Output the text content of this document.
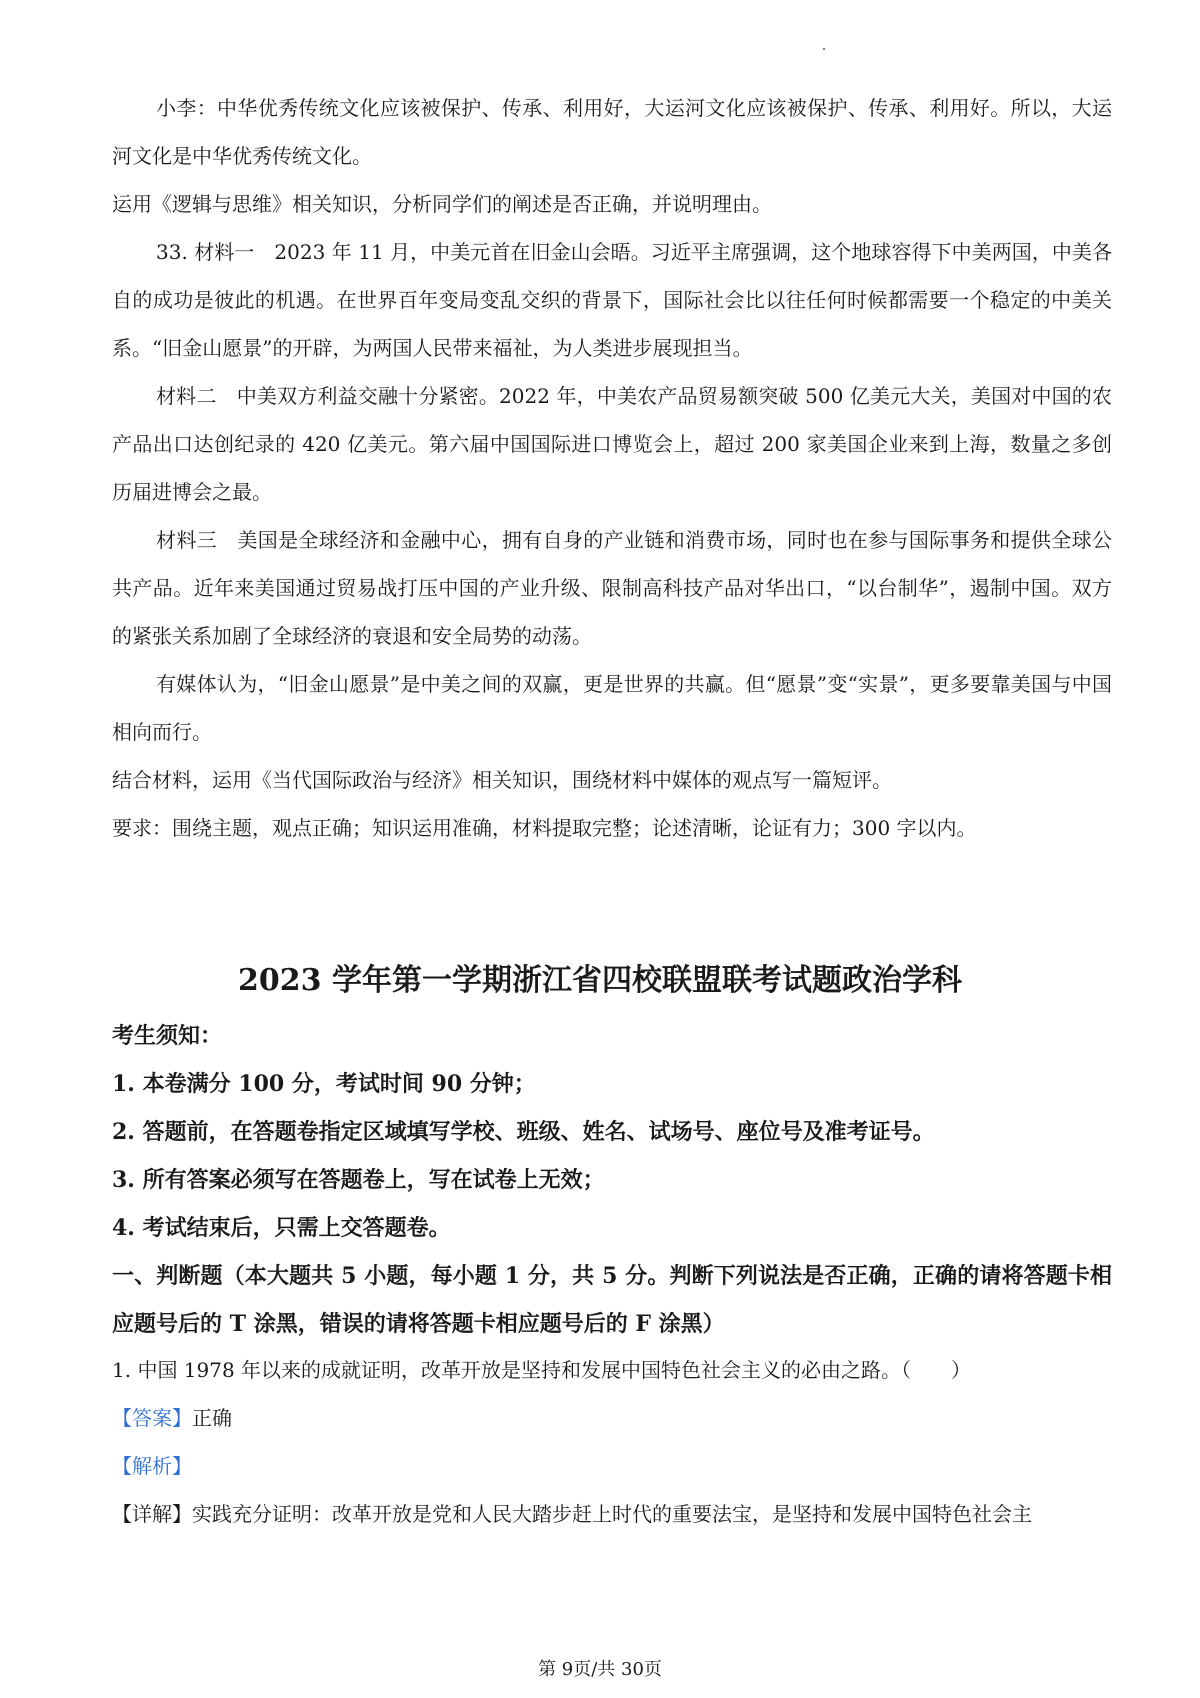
小李：中华优秀传统文化应该被保护、传承、利用好，大运河文化应该被保护、传承、利用好。所以，大运河文化是中华优秀传统文化。

运用《逻辑与思维》相关知识，分析同学们的阐述是否正确，并说明理由。

33. 材料一　2023 年 11 月，中美元首在旧金山会晤。习近平主席强调，这个地球容得下中美两国，中美各自的成功是彼此的机遇。在世界百年变局变乱交织的背景下，国际社会比以往任何时候都需要一个稳定的中美关系。“旧金山愿景”的开辟，为两国人民带来福祉，为人类进步展现担当。

材料二　中美双方利益交融十分紧密。2022 年，中美农产品贸易额突破 500 亿美元大关，美国对中国的农产品出口达创纪录的 420 亿美元。第六届中国国际进口博览会上，超过 200 家美国企业来到上海，数量之多创历届进博会之最。

材料三　美国是全球经济和金融中心，拥有自身的产业链和消费市场，同时也在参与国际事务和提供全球公共产品。近年来美国通过贸易战打压中国的产业升级、限制高科技产品对华出口，“以台制华”，遏制中国。双方的紧张关系加剧了全球经济的衰退和安全局势的动荡。

有媒体认为，“旧金山愿景”是中美之间的双赢，更是世界的共赢。但“愿景”变“实景”，更多要靠美国与中国相向而行。

结合材料，运用《当代国际政治与经济》相关知识，围绕材料中媒体的观点写一篇短评。

要求：围绕主题，观点正确；知识运用准确，材料提取完整；论述清晰，论证有力；300 字以内。

2023 学年第一学期浙江省四校联盟联考试题政治学科

考生须知：

1. 本卷满分 100 分，考试时间 90 分钟；

2. 答题前，在答题卷指定区域填写学校、班级、姓名、试场号、座位号及准考证号。

3. 所有答案必须写在答题卷上，写在试卷上无效；

4. 考试结束后，只需上交答题卷。

一、判断题（本大题共 5 小题，每小题 1 分，共 5 分。判断下列说法是否正确，正确的请将答题卡相应题号后的 T 涂黑，错误的请将答题卡相应题号后的 F 涂黑）

1. 中国 1978 年以来的成就证明，改革开放是坚持和发展中国特色社会主义的必由之路。（　　）

【答案】正确

【解析】

【详解】实践充分证明：改革开放是党和人民大踏步赶上时代的重要法宝，是坚持和发展中国特色社会主

第 9页/共 30页
